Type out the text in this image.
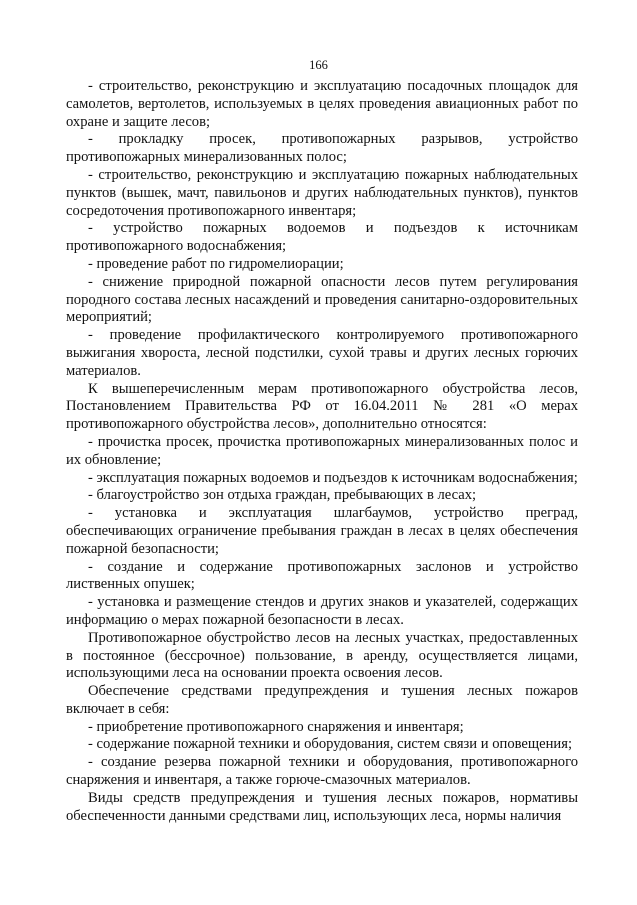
166

- строительство, реконструкцию и эксплуатацию посадочных площадок для самолетов, вертолетов, используемых в целях проведения авиационных работ по охране и защите лесов;

- прокладку просек, противопожарных разрывов, устройство противопожарных минерализованных полос;

- строительство, реконструкцию и эксплуатацию пожарных наблюдательных пунктов (вышек, мачт, павильонов и других наблюдательных пунктов), пунктов сосредоточения противопожарного инвентаря;

- устройство пожарных водоемов и подъездов к источникам противопожарного водоснабжения;

- проведение работ по гидромелиорации;

- снижение природной пожарной опасности лесов путем регулирования породного состава лесных насаждений и проведения санитарно-оздоровительных мероприятий;

- проведение профилактического контролируемого противопожарного выжигания хвороста, лесной подстилки, сухой травы и других лесных горючих материалов.

К вышеперечисленным мерам противопожарного обустройства лесов, Постановлением Правительства РФ от 16.04.2011 № 281 «О мерах противопожарного обустройства лесов», дополнительно относятся:

- прочистка просек, прочистка противопожарных минерализованных полос и их обновление;

- эксплуатация пожарных водоемов и подъездов к источникам водоснабжения;

- благоустройство зон отдыха граждан, пребывающих в лесах;

- установка и эксплуатация шлагбаумов, устройство преград, обеспечивающих ограничение пребывания граждан в лесах в целях обеспечения пожарной безопасности;

- создание и содержание противопожарных заслонов и устройство лиственных опушек;

- установка и размещение стендов и других знаков и указателей, содержащих информацию о мерах пожарной безопасности в лесах.

Противопожарное обустройство лесов на лесных участках, предоставленных в постоянное (бессрочное) пользование, в аренду, осуществляется лицами, использующими леса на основании проекта освоения лесов.

Обеспечение средствами предупреждения и тушения лесных пожаров включает в себя:

- приобретение противопожарного снаряжения и инвентаря;

- содержание пожарной техники и оборудования, систем связи и оповещения;

- создание резерва пожарной техники и оборудования, противопожарного снаряжения и инвентаря, а также горюче-смазочных материалов.

Виды средств предупреждения и тушения лесных пожаров, нормативы обеспеченности данными средствами лиц, использующих леса, нормы наличия
